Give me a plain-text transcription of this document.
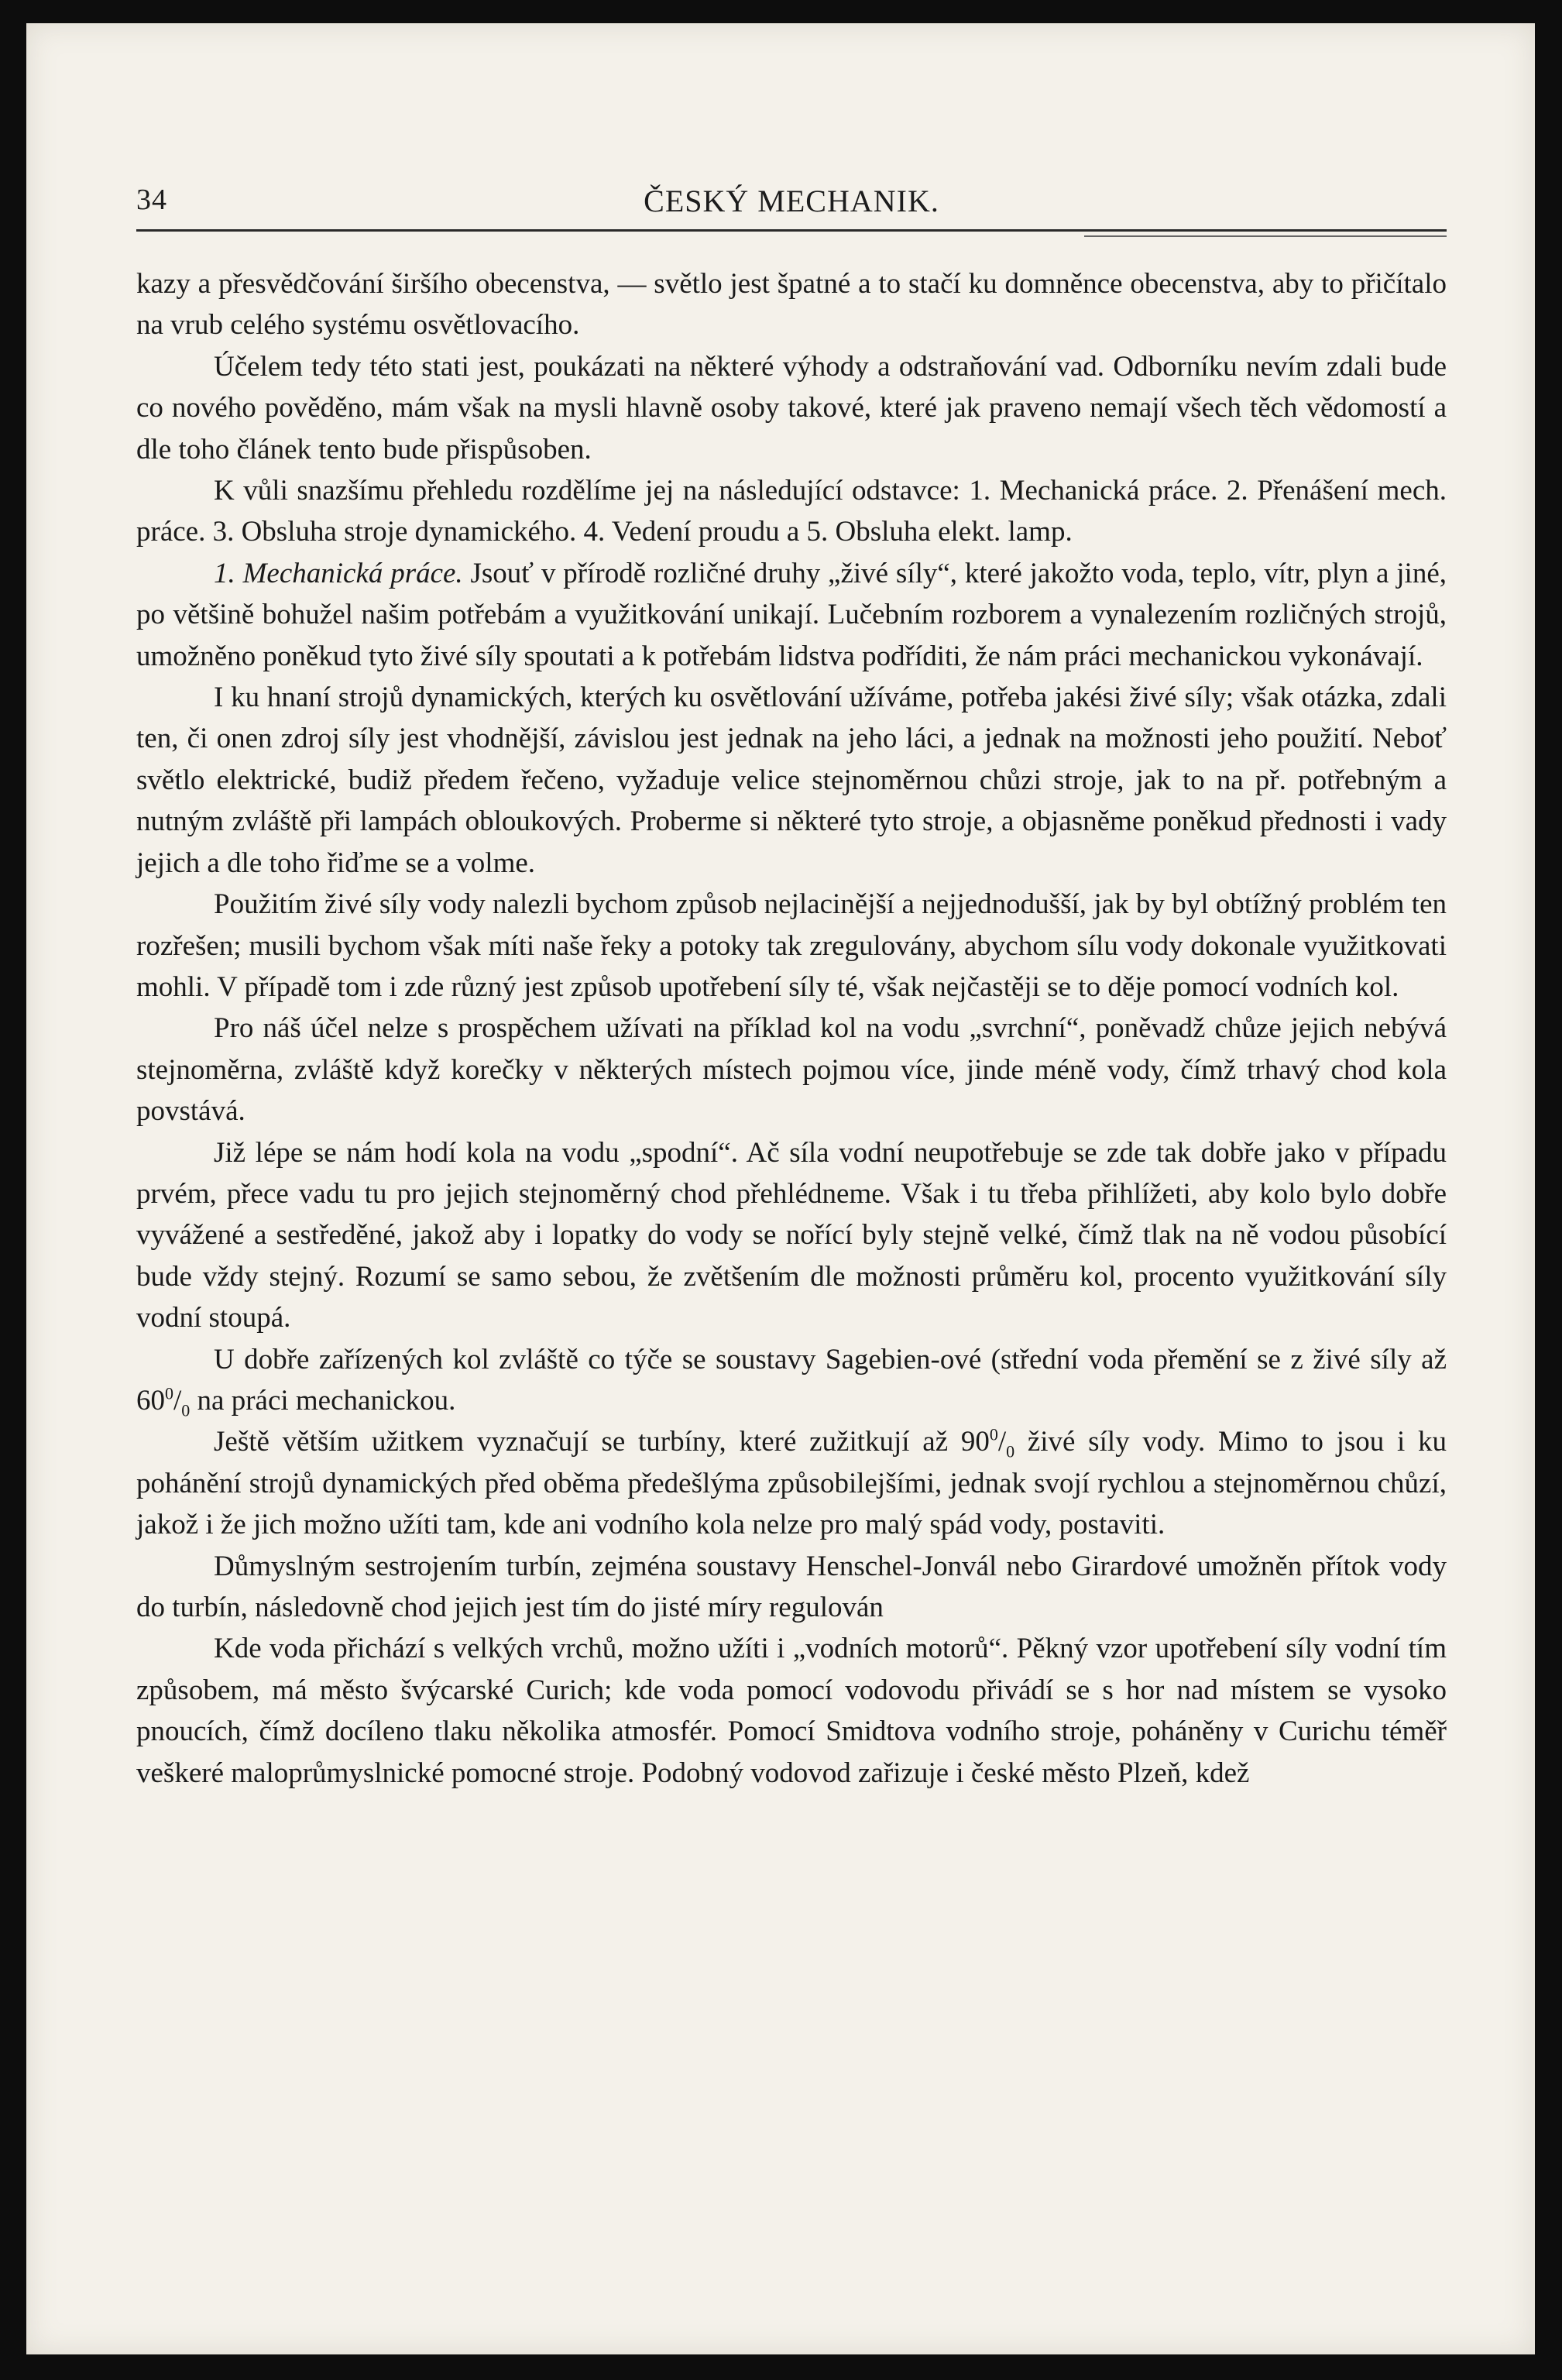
34	ČESKÝ MECHANIK.

kazy a přesvědčování širšího obecenstva, — světlo jest špatné a to stačí ku domněnce obecenstva, aby to přičítalo na vrub celého systému osvětlovacího.

Účelem tedy této stati jest, poukázati na některé výhody a odstraňování vad. Odborníku nevím zdali bude co nového pověděno, mám však na mysli hlavně osoby takové, které jak praveno nemají všech těch vědomostí a dle toho článek tento bude přispůsoben.

K vůli snazšímu přehledu rozdělíme jej na následující odstavce: 1. Mechanická práce. 2. Přenášení mech. práce. 3. Obsluha stroje dynamického. 4. Vedení proudu a 5. Obsluha elekt. lamp.

1. Mechanická práce. Jsouť v přírodě rozličné druhy „živé síly“, které jakožto voda, teplo, vítr, plyn a jiné, po většině bohužel našim potřebám a využitkování unikají. Lučebním rozborem a vynalezením rozličných strojů, umožněno poněkud tyto živé síly spoutati a k potřebám lidstva podříditi, že nám práci mechanickou vykonávají.

I ku hnaní strojů dynamických, kterých ku osvětlování užíváme, potřeba jakési živé síly; však otázka, zdali ten, či onen zdroj síly jest vhodnější, závislou jest jednak na jeho láci, a jednak na možnosti jeho použití. Neboť světlo elektrické, budiž předem řečeno, vyžaduje velice stejnoměrnou chůzi stroje, jak to na př. potřebným a nutným zvláště při lampách obloukových. Proberme si některé tyto stroje, a objasněme poněkud přednosti i vady jejich a dle toho řiďme se a volme.

Použitím živé síly vody nalezli bychom způsob nejlacinější a nejjednodušší, jak by byl obtížný problém ten rozřešen; musili bychom však míti naše řeky a potoky tak zregulovány, abychom sílu vody dokonale využitkovati mohli. V případě tom i zde různý jest způsob upotřebení síly té, však nejčastěji se to děje pomocí vodních kol.

Pro náš účel nelze s prospěchem užívati na příklad kol na vodu „svrchní“, poněvadž chůze jejich nebývá stejnoměrna, zvláště když korečky v některých místech pojmou více, jinde méně vody, čímž trhavý chod kola povstává.

Již lépe se nám hodí kola na vodu „spodní“. Ač síla vodní neupotřebuje se zde tak dobře jako v případu prvém, přece vadu tu pro jejich stejnoměrný chod přehlédneme. Však i tu třeba přihlížeti, aby kolo bylo dobře vyvážené a sestředěné, jakož aby i lopatky do vody se nořící byly stejně velké, čímž tlak na ně vodou působící bude vždy stejný. Rozumí se samo sebou, že zvětšením dle možnosti průměru kol, procento využitkování síly vodní stoupá.

U dobře zařízených kol zvláště co týče se soustavy Sagebien-ové (střední voda přemění se z živé síly až $60^0/_0$ na práci mechanickou.

Ještě větším užitkem vyznačují se turbíny, které zužitkují až $90^0/_0$ živé síly vody. Mimo to jsou i ku pohánění strojů dynamických před oběma předešlýma způsobilejšími, jednak svojí rychlou a stejnoměrnou chůzí, jakož i že jich možno užíti tam, kde ani vodního kola nelze pro malý spád vody, postaviti.

Důmyslným sestrojením turbín, zejména soustavy Henschel-Jonvál nebo Girardové umožněn přítok vody do turbín, následovně chod jejich jest tím do jisté míry regulován

Kde voda přichází s velkých vrchů, možno užíti i „vodních motorů“. Pěkný vzor upotřebení síly vodní tím způsobem, má město švýcarské Curich; kde voda pomocí vodovodu přivádí se s hor nad místem se vysoko pnoucích, čímž docíleno tlaku několika atmosfér. Pomocí Smidtova vodního stroje, poháněny v Curichu téměř veškeré maloprůmyslnické pomocné stroje. Podobný vodovod zařizuje i české město Plzeň, kdež
